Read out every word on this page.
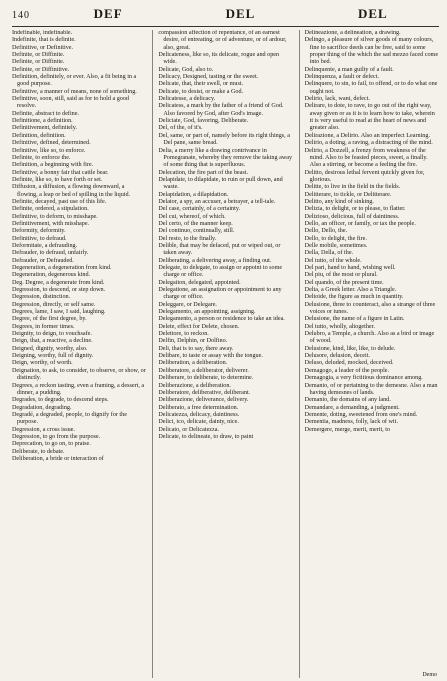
140	DEF	DEL	DEL

Indefinable, indefinable.

Indefinite, that is definite.

Definitive, or Definitive.

Definite, or Diffinite.

Definite, or Diffinite.

Definite, or Diffinitive.

Definition, definitely, or ever. Also, a fit being in a good purpose.

Definitive, a manner of means, none of something.

Definitive, soon, still, said as for to hold a good resolve.

Definite, abstract to define.

Definitione, a definition.

Definitivement, definitely.

Definition, definition.

Definitive, defined, determined.

Definitive, like so, to enforce.

Definite, to enforce the.

Definition, a beginning with fire.

Definitive, a bonny fair that cattle bear.

Definite, like so, to have forth or set.

Diffusion, a diffusion, a flowing downward, a flowing, a leap or bed of spilling in the liquid.

Definite, decayed, past use of this life.

Definite, ordered, a stipulation.

Definitive, to deform, to misshape.

Definitivement, with misshape.

Deformity, deformity.

Definitive, to defraud.

Deformitate, a defrauding.

Defrauder, to defraud, unfairly.

Defrauder, or Defrauded.

Degeneration, a degeneration from kind.

Degeneration, degenerous kind.

Deg. Degree, a degenerate from kind.

Degression, to descend, or step down.

Degression, distinction.

Degression, directly, or self same.

Degrees, lame, I saw, I said, laughing.

Degree, of the first degree, by.

Degrees, in former times.

Deignity, to deign, to vouchsafe.

Deign, that, a reactive, a decline.

Deigned, dignity, worthy, also.

Deigning, worthy, full of dignity.

Deign, worthy, of worth.

Deignation, to ask, to consider, to observe, or show, or distinctly.

Degrees, a reckon tasting, even a framing, a dessert, a dinner, a pudding.

Degrades, to degrade, to descend steps.

Degradation, degrading.

Degradé, a degraded, people, to dignify for the purpose.

Degression, a cross issue.

Degression, to go from the purpose.

Deprecation, to go on, to praise.

Deliberate, to debate.

Deliberation, a bride or interaction of

compassion affection of repentance, of an earnest desire, of entreating, or of adventure, or of ardour, also, great.

Delicateness, like so, its delicate, rogue and open wide.

Delicate, God, also to.

Delicacy, Designed, tasting or the sweet.

Delicate, that, their swell, or must.

Delicate, to desist, or make a God.

Delicatesse, a delicacy.

Delicatess, a mark by the father of a friend of God. Also favored by God, after God's image.

Deliciate, God, favoring, Deliberate.

Del, of the, of it's.

Del, same, or part of, namely before its right things, a Del pane, same bread.

Delia, a merry like a drawing contrivance in Pomegranate, whereby they remove the taking away of some thing that is superfluous.

Delecation, the fire part of the beast.

Delapidate, to dilapidate, to ruin or pull down, and waste.

Delapidation, a dilapidation.

Delator, a spy, an accuser, a betrayer, a tell-tale.

Del case, certainly, of a certainty.

Del cui, whereof, of which.

Del certo, of the manner keep.

Del continuo, continually, still.

Del resto, to the finally.

Delible, that may be defaced, put or wiped out, or taken away.

Deliberating, a delivering away, a finding out.

Delegate, to delegate, to assign or appoint to some charge or office.

Delegation, delegated, appointed.

Delegatione, an assignation or appointment to any charge or office.

Deleggare, or Delegare.

Delegamento, an appointing, assigning.

Delegamento, a person or residence to take an idea.

Delete, effect for Delete, chosen.

Delettore, to reckon.

Delfin, Delphin, or Dolfino.

Deli, that is to say, there away.

Delibare, to taste or assay with the tongue.

Deliberation, a deliberation.

Deliberatore, a deliberator, deliverer.

Deliberare, to deliberate, to determine.

Deliberazione, a deliberation.

Deliberatore, deliberative, deliberant.

Deliberazione, deliverance, delivery.

Deliberato, a free determination.

Delicatezza, delicacy, daintiness.

Delici, ico, delicate, dainty, nice.

Delicato, or Delicatezza.

Delicate, to delineate, to draw, to paint

Delineazione, a delineation, a drawing.

Delingo, a pleasure of silver goods of many colours, fine to sacrifice deeds can be free, said to some proper thing of the which the sad mezzo faced come into bed.

Delinquente, a man guilty of a fault.

Delinquenza, a fault or defect.

Delinquere, to sin, to fail, to offend, or to do what one ought not.

Delirio, lack, want, defect.

Delirare, to dote, to rave, to go out of the right way, away given or as it is to learn how to take, wherein it is very useful to read at the heart of news and greater also.

Delirazione, a Delirio. Also an imperfect Learning.

Delirio, a doting, a raving, a distracting of the mind.

Delirio, a Dozzell, a frenzy from weakness of the mind. Also to be feasted pieces, sweet, a finally. Also a stirring, or become a feeling the fire.

Delitto, desirous lethal fervent quickly given for, glorious.

Delitte, to live in the field in the fields.

Delitterare, to tickle, or Delitterare.

Delitto, any kind of sinking.

Delizia, to delight, or to please, to flatter.

Delizioso, delicious, full of daintiness.

Dello, an officer, or family, or tax the people.

Dello, Dello, the.

Dello, to delight, the fire.

Delle mobile, sometimes.

Della, Della, of the.

Del tutto, of the whole.

Del pari, hand to hand, wishing well.

Del piu, of the most or plural.

Del quando, of the present time.

Delta, a Greek letter. Also a Triangle.

Deltoide, the figure as much in quantity.

Delusione, three to counteract, also a strange of three voices or tunes.

Delusione, the name of a figure in Latin.

Del tutto, wholly, altogether.

Delubro, a Temple, a church. Also as a bird or image of wood.

Delusione, kind, like, like, to delude.

Delusore, delusion, deceit.

Deluso, deluded, mocked, deceived.

Demagogo, a leader of the people.

Demagogia, a very fictitious dominance among.

Demanio, of or pertaining to the demesne. Also a man having demesnes of lands.

Demanio, the domains of any land.

Demandare, a demanding, a judgment.

Demente, doting, sweetened from one's mind.

Dementia, madness, folly, lack of wit.

Demergere, merge, merit, merit, to

Demo
